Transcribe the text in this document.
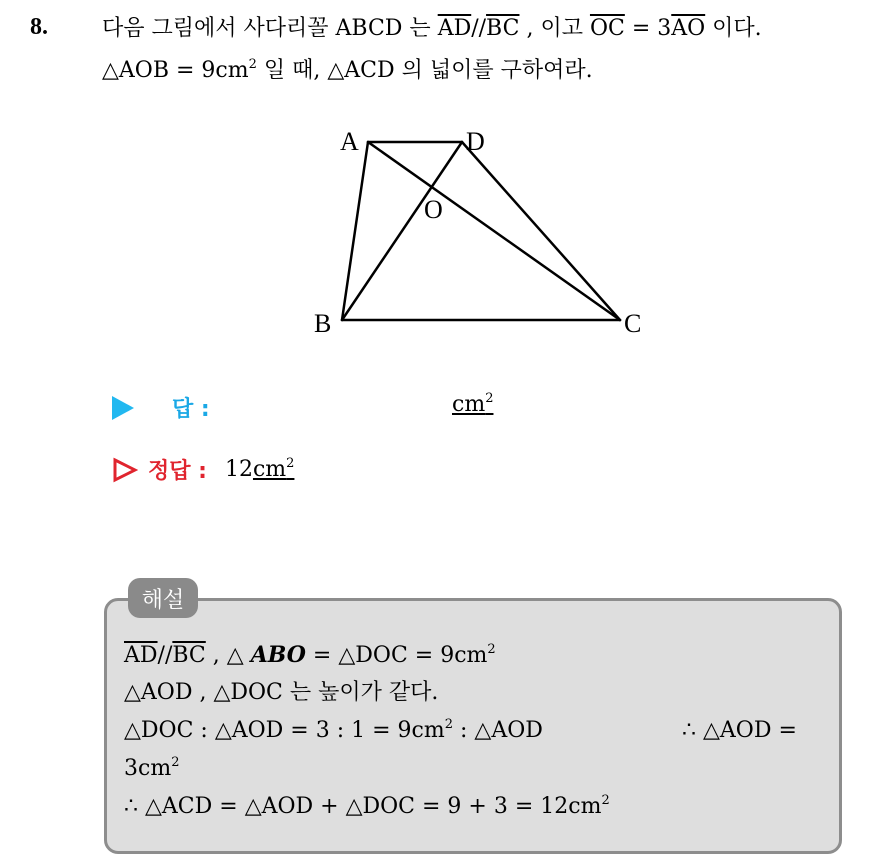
8. 다음 그림에서 사다리꼴 ABCD 는 $\overline{AD}//\overline{BC}$ , 이고 $\overline{OC} = 3\overline{AO}$ 이다.
△AOB = $9cm^2$ 일 때, △ACD 의 넓이를 구하여라.
A	D
O
B	C
답 :	$cm^2$
정답 : 12 $cm^2$
해설
$\overline{AD}//\overline{BC}$ , △ ABO = △DOC = $9cm^2$
△AOD , △DOC 는 높이가 같다.
△DOC : △AOD = 3 : $1 = 9cm^2$ : △AOD	∴ △AOD =
$3cm^2$
∴ △ACD = △AOD + △DOC = $9 + 3 = 12cm^2$
